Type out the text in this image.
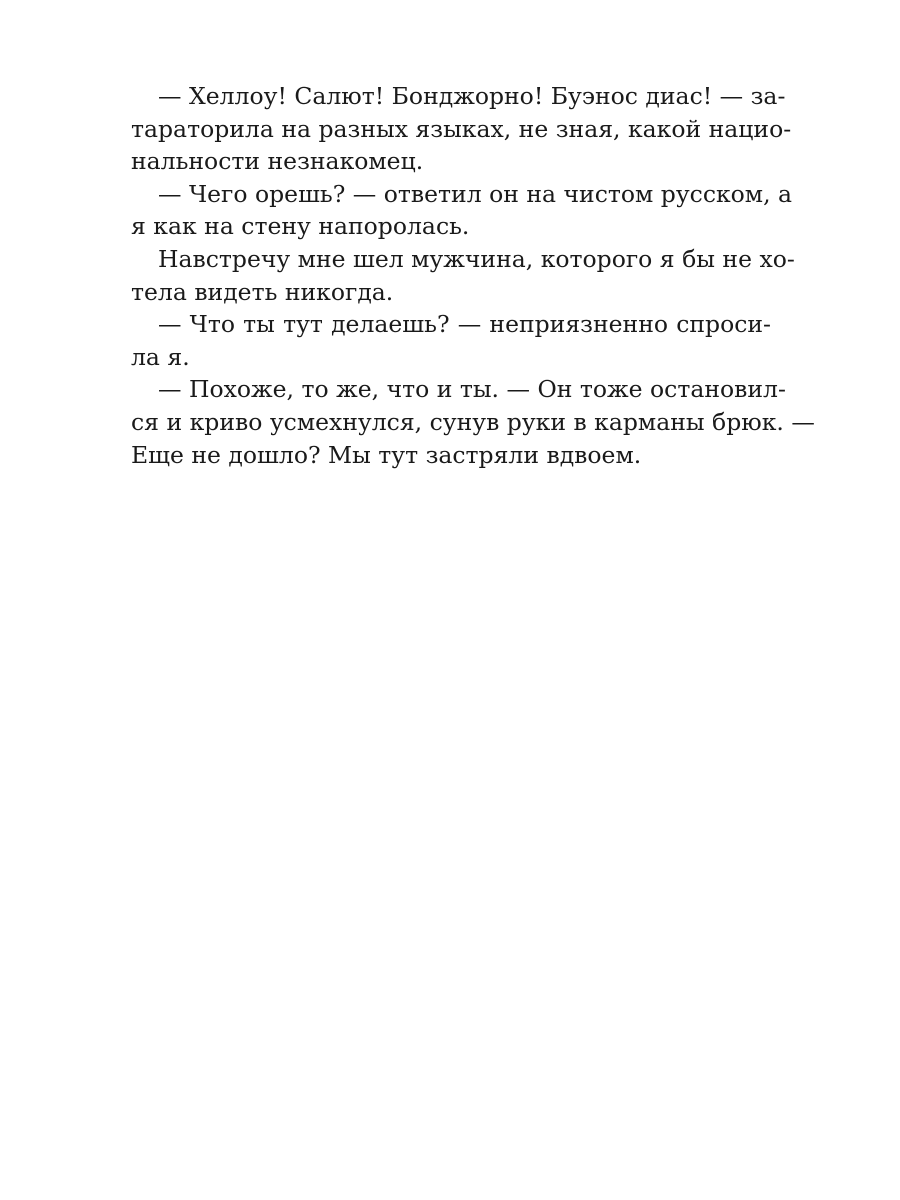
— Хеллоу! Салют! Бонджорно! Буэнос диас! — за-
тараторила на разных языках, не зная, какой нацио-
нальности незнакомец.
— Чего орешь? — ответил он на чистом русском, а
я как на стену напоролась.
Навстречу мне шел мужчина, которого я бы не хо-
тела видеть никогда.
— Что ты тут делаешь? — неприязненно спроси-
ла я.
— Похоже, то же, что и ты. — Он тоже остановил-
ся и криво усмехнулся, сунув руки в карманы брюк. —
Еще не дошло? Мы тут застряли вдвоем.
